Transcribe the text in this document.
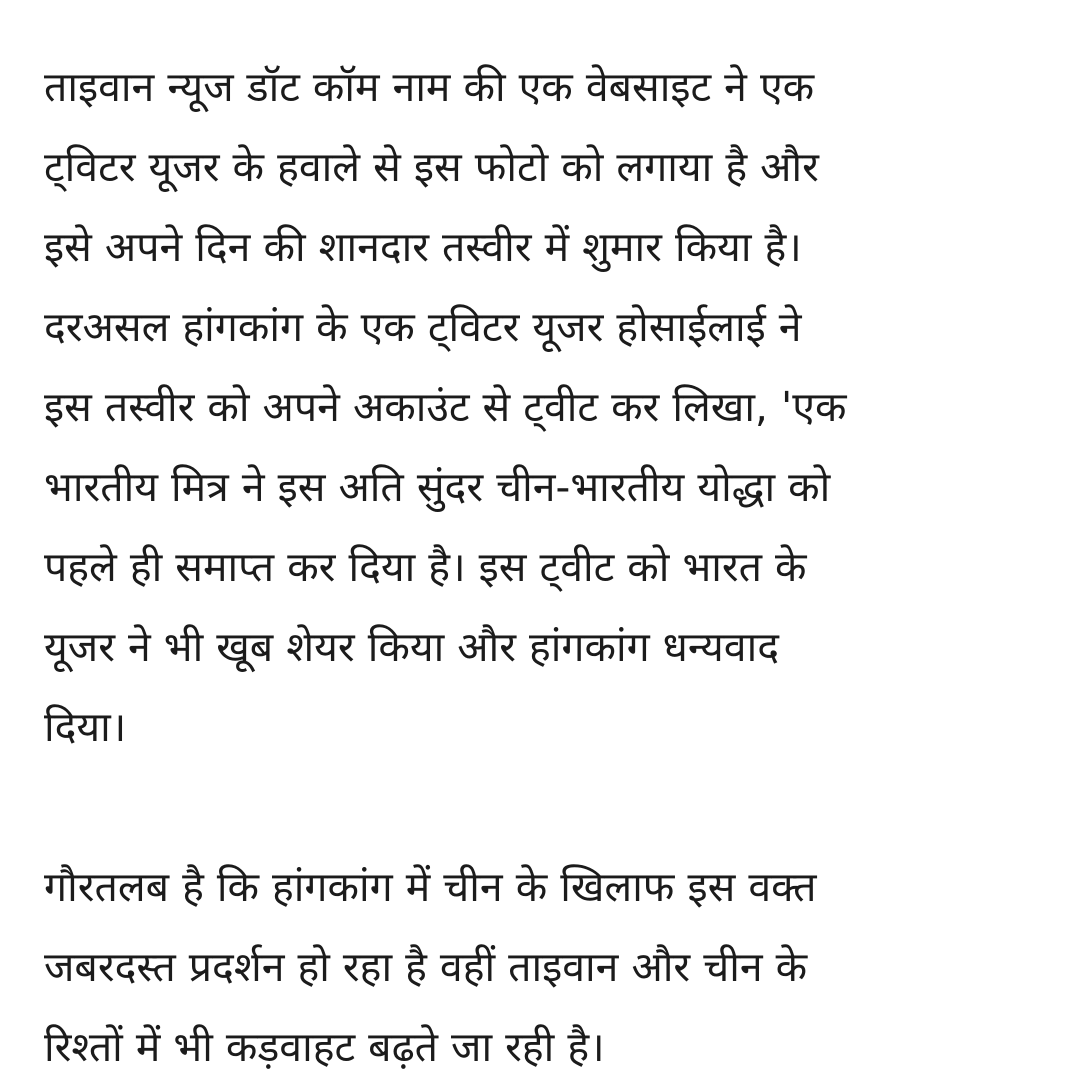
ताइवान न्यूज डॉट कॉम नाम की एक वेबसाइट ने एक
ट्विटर यूजर के हवाले से इस फोटो को लगाया है और
इसे अपने दिन की शानदार तस्वीर में शुमार किया है।
दरअसल हांगकांग के एक ट्विटर यूजर होसाईलाई ने
इस तस्वीर को अपने अकाउंट से ट्वीट कर लिखा, 'एक
भारतीय मित्र ने इस अति सुंदर चीन-भारतीय योद्धा को
पहले ही समाप्त कर दिया है। इस ट्वीट को भारत के
यूजर ने भी खूब शेयर किया और हांगकांग धन्यवाद
दिया।
गौरतलब है कि हांगकांग में चीन के खिलाफ इस वक्त
जबरदस्त प्रदर्शन हो रहा है वहीं ताइवान और चीन के
रिश्तों में भी कड़वाहट बढ़ते जा रही है।
